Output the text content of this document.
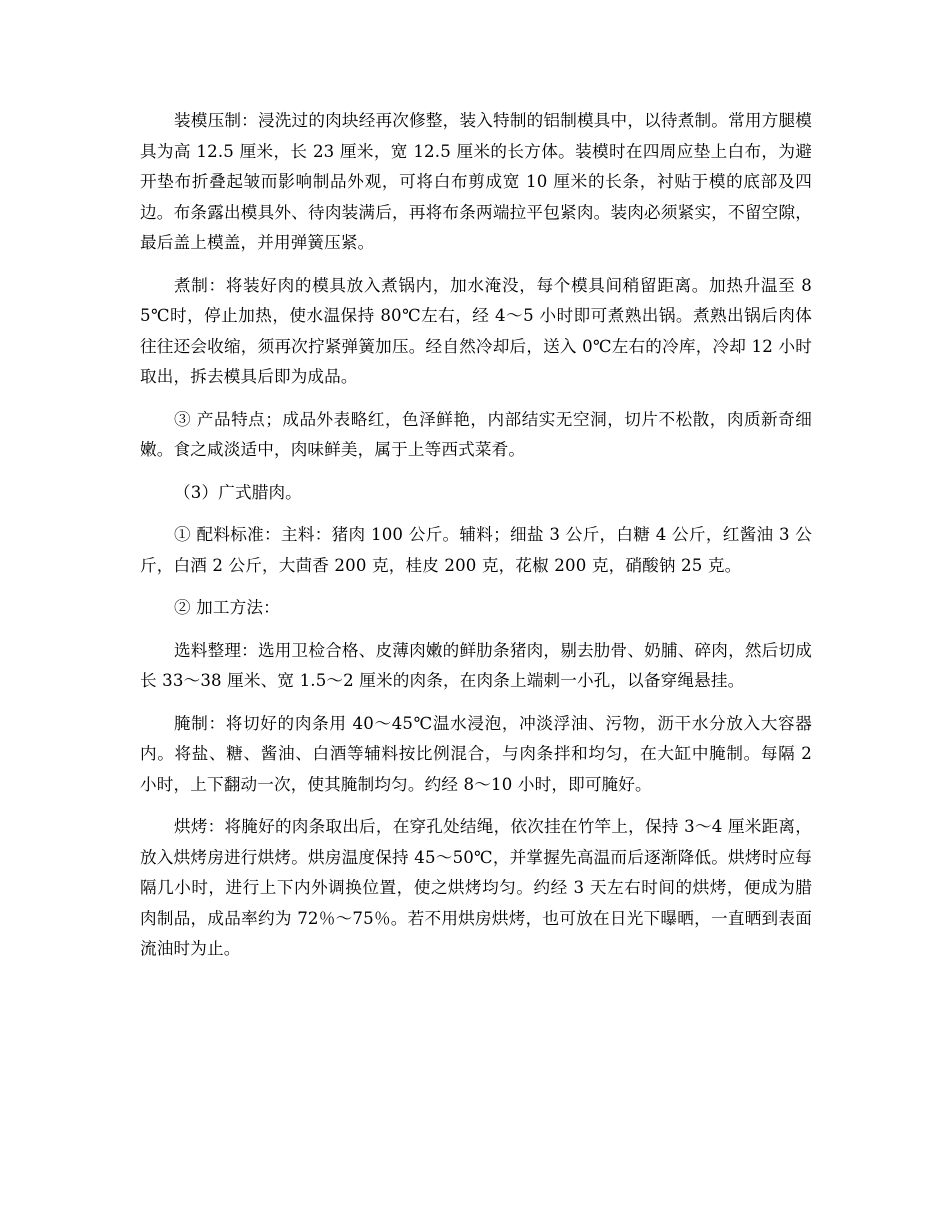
装模压制：浸洗过的肉块经再次修整，装入特制的铝制模具中，以待煮制。常用方腿模具为高 12.5 厘米，长 23 厘米，宽 12.5 厘米的长方体。装模时在四周应垫上白布，为避开垫布折叠起皱而影响制品外观，可将白布剪成宽 10 厘米的长条，衬贴于模的底部及四边。布条露出模具外、待肉装满后，再将布条两端拉平包紧肉。装肉必须紧实，不留空隙，最后盖上模盖，并用弹簧压紧。

煮制：将装好肉的模具放入煮锅内，加水淹没，每个模具间稍留距离。加热升温至 85℃时，停止加热，使水温保持 80℃左右，经 4～5 小时即可煮熟出锅。煮熟出锅后肉体往往还会收缩，须再次拧紧弹簧加压。经自然冷却后，送入 0℃左右的冷库，冷却 12 小时取出，拆去模具后即为成品。

③ 产品特点；成品外表略红，色泽鲜艳，内部结实无空洞，切片不松散，肉质新奇细嫩。食之咸淡适中，肉味鲜美，属于上等西式菜肴。

（3）广式腊肉。

① 配料标准：主料：猪肉 100 公斤。辅料；细盐 3 公斤，白糖 4 公斤，红酱油 3 公斤，白酒 2 公斤，大茴香 200 克，桂皮 200 克，花椒 200 克，硝酸钠 25 克。

② 加工方法：

选料整理：选用卫检合格、皮薄肉嫩的鲜肋条猪肉，剔去肋骨、奶脯、碎肉，然后切成长 33～38 厘米、宽 1.5～2 厘米的肉条，在肉条上端刺一小孔，以备穿绳悬挂。

腌制：将切好的肉条用 40～45℃温水浸泡，冲淡浮油、污物，沥干水分放入大容器内。将盐、糖、酱油、白酒等辅料按比例混合，与肉条拌和均匀，在大缸中腌制。每隔 2 小时，上下翻动一次，使其腌制均匀。约经 8～10 小时，即可腌好。

烘烤：将腌好的肉条取出后，在穿孔处结绳，依次挂在竹竿上，保持 3～4 厘米距离，放入烘烤房进行烘烤。烘房温度保持 45～50℃，并掌握先高温而后逐渐降低。烘烤时应每隔几小时，进行上下内外调换位置，使之烘烤均匀。约经 3 天左右时间的烘烤，便成为腊肉制品，成品率约为 72％～75％。若不用烘房烘烤，也可放在日光下曝晒，一直晒到表面流油时为止。
